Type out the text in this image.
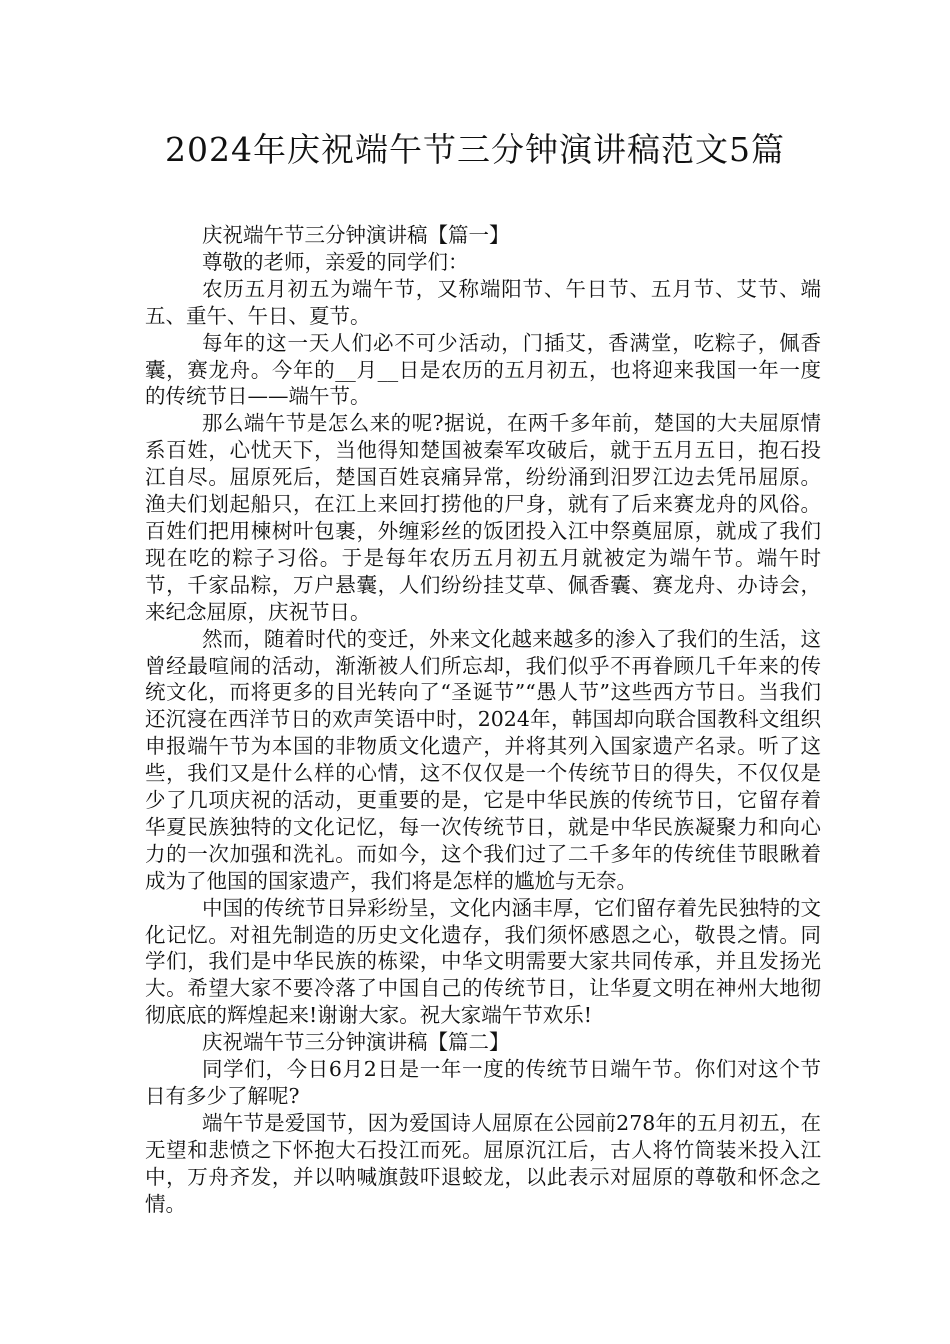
2024年庆祝端午节三分钟演讲稿范文5篇

庆祝端午节三分钟演讲稿【篇一】

尊敬的老师，亲爱的同学们：

农历五月初五为端午节，又称端阳节、午日节、五月节、艾节、端五、重午、午日、夏节。

每年的这一天人们必不可少活动，门插艾，香满堂，吃粽子，佩香囊，赛龙舟。今年的__月__日是农历的五月初五，也将迎来我国一年一度的传统节日——端午节。

那么端午节是怎么来的呢?据说，在两千多年前，楚国的大夫屈原情系百姓，心忧天下，当他得知楚国被秦军攻破后，就于五月五日，抱石投江自尽。屈原死后，楚国百姓哀痛异常，纷纷涌到汨罗江边去凭吊屈原。渔夫们划起船只，在江上来回打捞他的尸身，就有了后来赛龙舟的风俗。百姓们把用楝树叶包裹，外缠彩丝的饭团投入江中祭奠屈原，就成了我们现在吃的粽子习俗。于是每年农历五月初五月就被定为端午节。端午时节，千家品粽，万户悬囊，人们纷纷挂艾草、佩香囊、赛龙舟、办诗会，来纪念屈原，庆祝节日。

然而，随着时代的变迁，外来文化越来越多的渗入了我们的生活，这曾经最喧闹的活动，渐渐被人们所忘却，我们似乎不再眷顾几千年来的传统文化，而将更多的目光转向了“圣诞节”“愚人节”这些西方节日。当我们还沉寖在西洋节日的欢声笑语中时，2024年，韩国却向联合国教科文组织申报端午节为本国的非物质文化遗产，并将其列入国家遗产名录。听了这些，我们又是什么样的心情，这不仅仅是一个传统节日的得失，不仅仅是少了几项庆祝的活动，更重要的是，它是中华民族的传统节日，它留存着华夏民族独特的文化记忆，每一次传统节日，就是中华民族凝聚力和向心力的一次加强和洗礼。而如今，这个我们过了二千多年的传统佳节眼瞅着成为了他国的国家遗产，我们将是怎样的尴尬与无奈。

中国的传统节日异彩纷呈，文化内涵丰厚，它们留存着先民独特的文化记忆。对祖先制造的历史文化遗存，我们须怀感恩之心，敬畏之情。同学们，我们是中华民族的栋梁，中华文明需要大家共同传承，并且发扬光大。希望大家不要冷落了中国自己的传统节日，让华夏文明在神州大地彻彻底底的辉煌起来!谢谢大家。祝大家端午节欢乐!

庆祝端午节三分钟演讲稿【篇二】

同学们，今日6月2日是一年一度的传统节日端午节。你们对这个节日有多少了解呢?

端午节是爱国节，因为爱国诗人屈原在公园前278年的五月初五，在无望和悲愤之下怀抱大石投江而死。屈原沉江后，古人将竹筒装米投入江中，万舟齐发，并以呐喊旗鼓吓退蛟龙，以此表示对屈原的尊敬和怀念之情。
